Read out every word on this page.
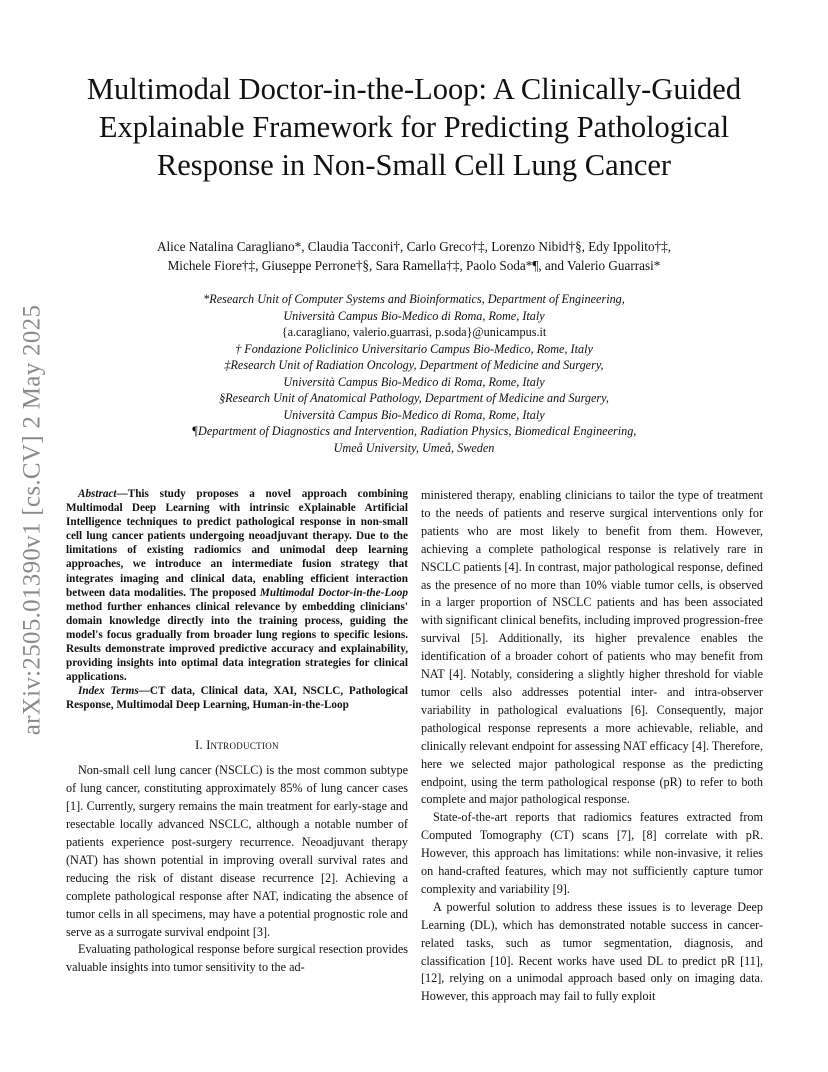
arXiv:2505.01390v1 [cs.CV] 2 May 2025
Multimodal Doctor-in-the-Loop: A Clinically-Guided Explainable Framework for Predicting Pathological Response in Non-Small Cell Lung Cancer
Alice Natalina Caragliano*, Claudia Tacconi†, Carlo Greco†‡, Lorenzo Nibid†§, Edy Ippolito†‡,
Michele Fiore†‡, Giuseppe Perrone†§, Sara Ramella†‡, Paolo Soda*¶, and Valerio Guarrasi*
*Research Unit of Computer Systems and Bioinformatics, Department of Engineering,
Università Campus Bio-Medico di Roma, Rome, Italy
{a.caragliano, valerio.guarrasi, p.soda}@unicampus.it
† Fondazione Policlinico Universitario Campus Bio-Medico, Rome, Italy
‡Research Unit of Radiation Oncology, Department of Medicine and Surgery,
Università Campus Bio-Medico di Roma, Rome, Italy
§Research Unit of Anatomical Pathology, Department of Medicine and Surgery,
Università Campus Bio-Medico di Roma, Rome, Italy
¶Department of Diagnostics and Intervention, Radiation Physics, Biomedical Engineering,
Umeå University, Umeå, Sweden

Abstract—This study proposes a novel approach combining Multimodal Deep Learning with intrinsic eXplainable Artificial Intelligence techniques to predict pathological response in non-small cell lung cancer patients undergoing neoadjuvant therapy. Due to the limitations of existing radiomics and unimodal deep learning approaches, we introduce an intermediate fusion strategy that integrates imaging and clinical data, enabling efficient interaction between data modalities. The proposed Multimodal Doctor-in-the-Loop method further enhances clinical relevance by embedding clinicians' domain knowledge directly into the training process, guiding the model's focus gradually from broader lung regions to specific lesions. Results demonstrate improved predictive accuracy and explainability, providing insights into optimal data integration strategies for clinical applications.

Index Terms—CT data, Clinical data, XAI, NSCLC, Pathological Response, Multimodal Deep Learning, Human-in-the-Loop

I. Introduction

Non-small cell lung cancer (NSCLC) is the most common subtype of lung cancer, constituting approximately 85% of lung cancer cases [1]. Currently, surgery remains the main treatment for early-stage and resectable locally advanced NSCLC, although a notable number of patients experience post-surgery recurrence. Neoadjuvant therapy (NAT) has shown potential in improving overall survival rates and reducing the risk of distant disease recurrence [2]. Achieving a complete pathological response after NAT, indicating the absence of tumor cells in all specimens, may have a potential prognostic role and serve as a surrogate survival endpoint [3].

Evaluating pathological response before surgical resection provides valuable insights into tumor sensitivity to the ad-

ministered therapy, enabling clinicians to tailor the type of treatment to the needs of patients and reserve surgical interventions only for patients who are most likely to benefit from them. However, achieving a complete pathological response is relatively rare in NSCLC patients [4]. In contrast, major pathological response, defined as the presence of no more than 10% viable tumor cells, is observed in a larger proportion of NSCLC patients and has been associated with significant clinical benefits, including improved progression-free survival [5]. Additionally, its higher prevalence enables the identification of a broader cohort of patients who may benefit from NAT [4]. Notably, considering a slightly higher threshold for viable tumor cells also addresses potential inter- and intra-observer variability in pathological evaluations [6]. Consequently, major pathological response represents a more achievable, reliable, and clinically relevant endpoint for assessing NAT efficacy [4]. Therefore, here we selected major pathological response as the predicting endpoint, using the term pathological response (pR) to refer to both complete and major pathological response.

State-of-the-art reports that radiomics features extracted from Computed Tomography (CT) scans [7], [8] correlate with pR. However, this approach has limitations: while non-invasive, it relies on hand-crafted features, which may not sufficiently capture tumor complexity and variability [9].

A powerful solution to address these issues is to leverage Deep Learning (DL), which has demonstrated notable success in cancer-related tasks, such as tumor segmentation, diagnosis, and classification [10]. Recent works have used DL to predict pR [11], [12], relying on a unimodal approach based only on imaging data. However, this approach may fail to fully exploit
